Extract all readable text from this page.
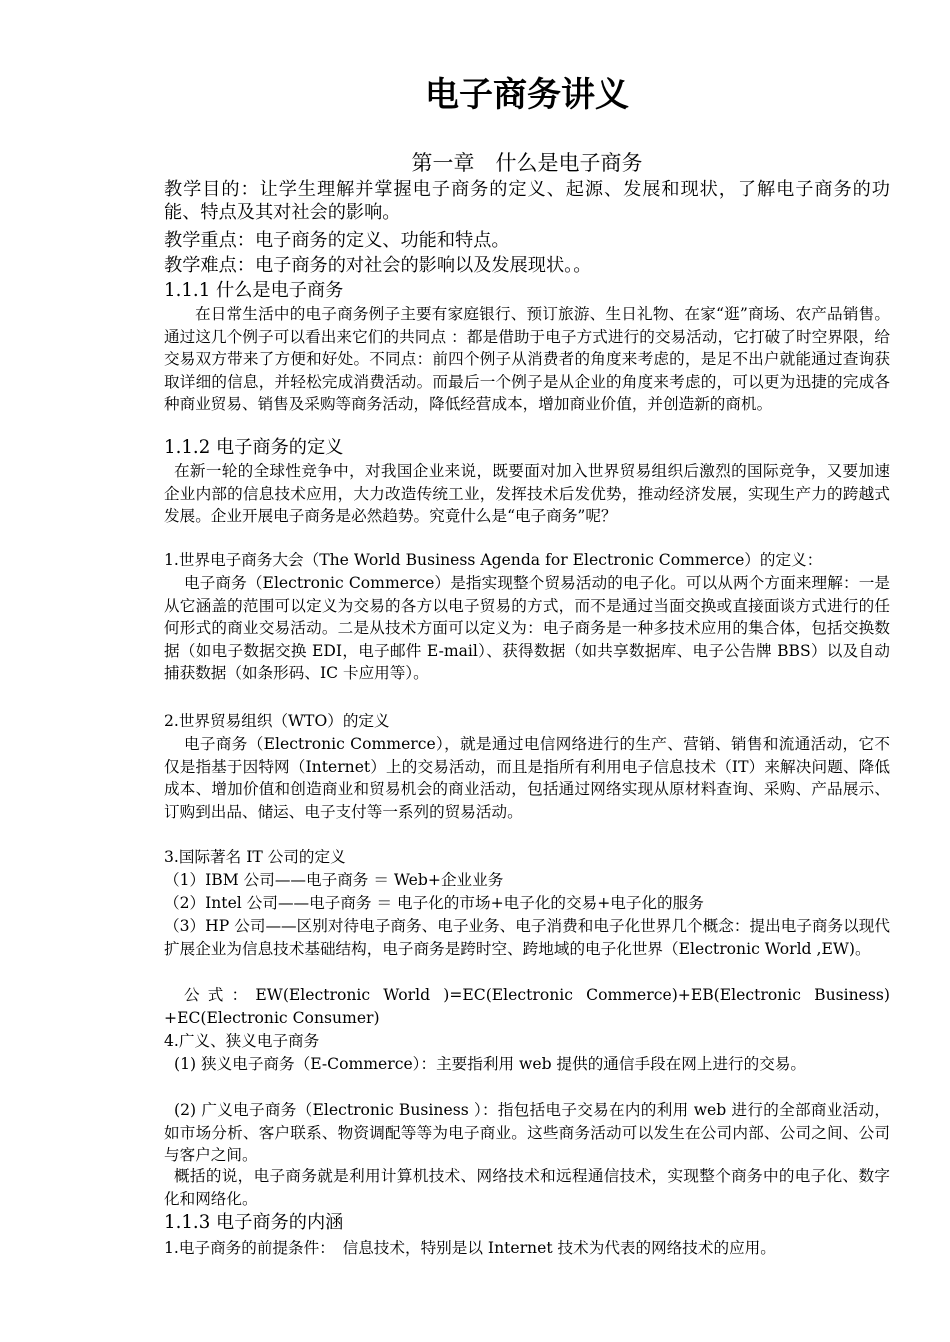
电子商务讲义
第一章　什么是电子商务

教学目的：让学生理解并掌握电子商务的定义、起源、发展和现状，了解电子商务的功能、特点及其对社会的影响。

教学重点：电子商务的定义、功能和特点。

教学难点：电子商务的对社会的影响以及发展现状。。

1.1.1 什么是电子商务

在日常生活中的电子商务例子主要有家庭银行、预订旅游、生日礼物、在家“逛”商场、农产品销售。通过这几个例子可以看出来它们的共同点 ：都是借助于电子方式进行的交易活动，它打破了时空界限，给交易双方带来了方便和好处。不同点：前四个例子从消费者的角度来考虑的，是足不出户就能通过查询获取详细的信息，并轻松完成消费活动。而最后一个例子是从企业的角度来考虑的，可以更为迅捷的完成各种商业贸易、销售及采购等商务活动，降低经营成本，增加商业价值，并创造新的商机。

1.1.2 电子商务的定义

在新一轮的全球性竞争中，对我国企业来说，既要面对加入世界贸易组织后激烈的国际竞争，又要加速企业内部的信息技术应用，大力改造传统工业，发挥技术后发优势，推动经济发展，实现生产力的跨越式发展。企业开展电子商务是必然趋势。究竟什么是“电子商务”呢？

1.世界电子商务大会（The World Business Agenda for Electronic Commerce）的定义：

电子商务（Electronic Commerce）是指实现整个贸易活动的电子化。可以从两个方面来理解：一是从它涵盖的范围可以定义为交易的各方以电子贸易的方式，而不是通过当面交换或直接面谈方式进行的任何形式的商业交易活动。二是从技术方面可以定义为：电子商务是一种多技术应用的集合体，包括交换数据（如电子数据交换 EDI，电子邮件 E-mail）、获得数据（如共享数据库、电子公告牌 BBS）以及自动捕获数据（如条形码、IC 卡应用等）。

2.世界贸易组织（WTO）的定义

电子商务（Electronic Commerce），就是通过电信网络进行的生产、营销、销售和流通活动，它不仅是指基于因特网（Internet）上的交易活动，而且是指所有利用电子信息技术（IT）来解决问题、降低成本、增加价值和创造商业和贸易机会的商业活动，包括通过网络实现从原材料查询、采购、产品展示、订购到出品、储运、电子支付等一系列的贸易活动。

3.国际著名 IT 公司的定义
（1）IBM 公司——电子商务 ＝ Web+企业业务
（2）Intel 公司——电子商务 ＝ 电子化的市场+电子化的交易+电子化的服务

（3）HP 公司——区别对待电子商务、电子业务、电子消费和电子化世界几个概念：提出电子商务以现代扩展企业为信息技术基础结构，电子商务是跨时空、跨地域的电子化世界（Electronic World ,EW)。

公式：EW(Electronic World )=EC(Electronic Commerce)+EB(Electronic Business) +EC(Electronic Consumer)

4.广义、狭义电子商务

(1) 狭义电子商务（E-Commerce）：主要指利用 web 提供的通信手段在网上进行的交易。

(2) 广义电子商务（Electronic Business ）：指包括电子交易在内的利用 web 进行的全部商业活动，如市场分析、客户联系、物资调配等等为电子商业。这些商务活动可以发生在公司内部、公司之间、公司与客户之间。

概括的说，电子商务就是利用计算机技术、网络技术和远程通信技术，实现整个商务中的电子化、数字化和网络化。

1.1.3 电子商务的内涵

1.电子商务的前提条件：　信息技术，特别是以 Internet 技术为代表的网络技术的应用。
